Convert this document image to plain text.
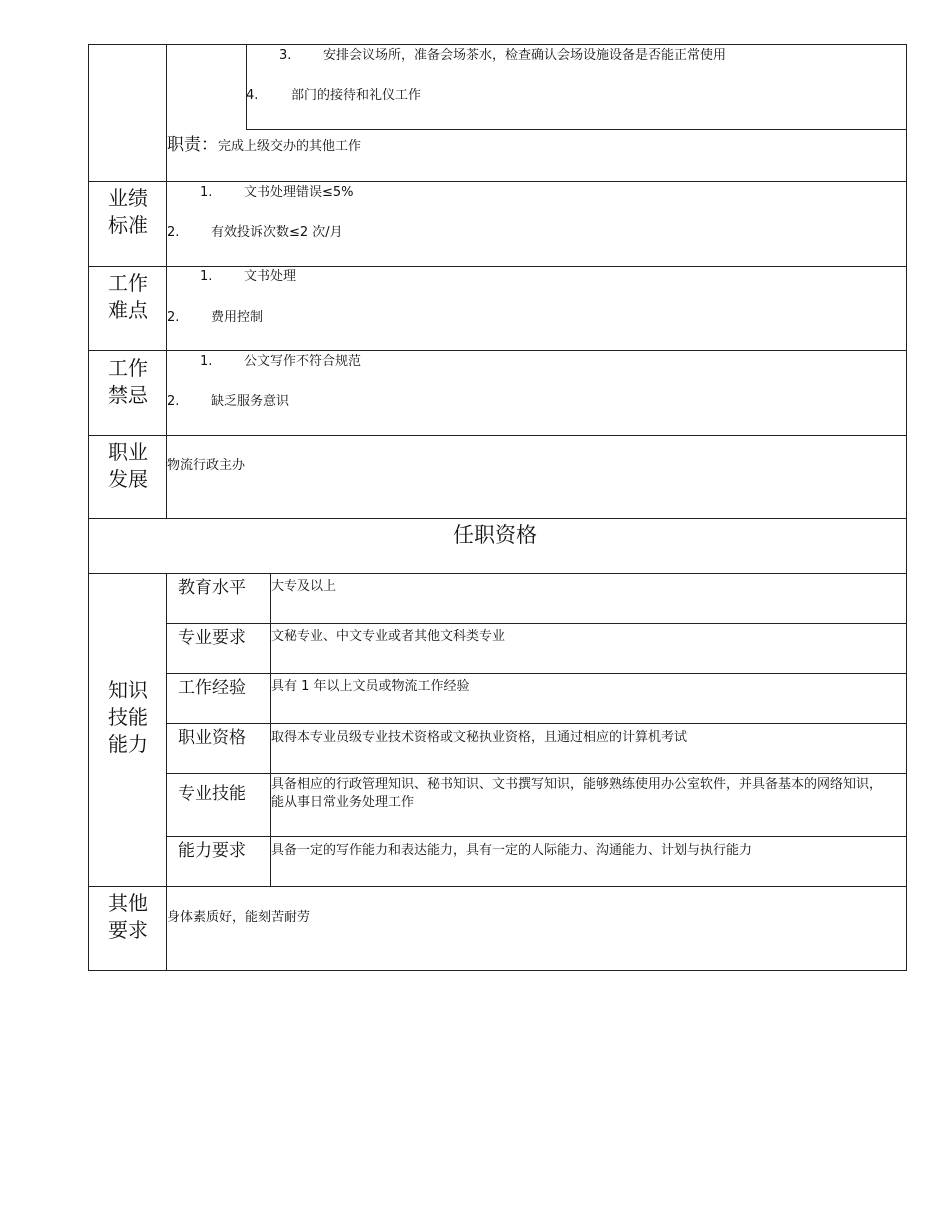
3. 安排会议场所，准备会场茶水，检查确认会场设施设备是否能正常使用
4.	部门的接待和礼仪工作
职责：完成上级交办的其他工作
业绩
标准
1. 文书处理错误≤5%
2. 有效投诉次数≤2 次/月
工作
难点
1. 文书处理
2. 费用控制
工作
禁忌
1. 公文写作不符合规范
2. 缺乏服务意识
职业
发展
物流行政主办
任职资格
知识
技能
能力
教育水平 大专及以上
专业要求 文秘专业、中文专业或者其他文科类专业
工作经验 具有 1 年以上文员或物流工作经验
职业资格 取得本专业员级专业技术资格或文秘执业资格，且通过相应的计算机考试
专业技能 具备相应的行政管理知识、秘书知识、文书撰写知识，能够熟练使用办公室软件，并具备基本的网络知识，能从事日常业务处理工作
能力要求 具备一定的写作能力和表达能力，具有一定的人际能力、沟通能力、计划与执行能力
其他
要求
身体素质好，能刻苦耐劳
